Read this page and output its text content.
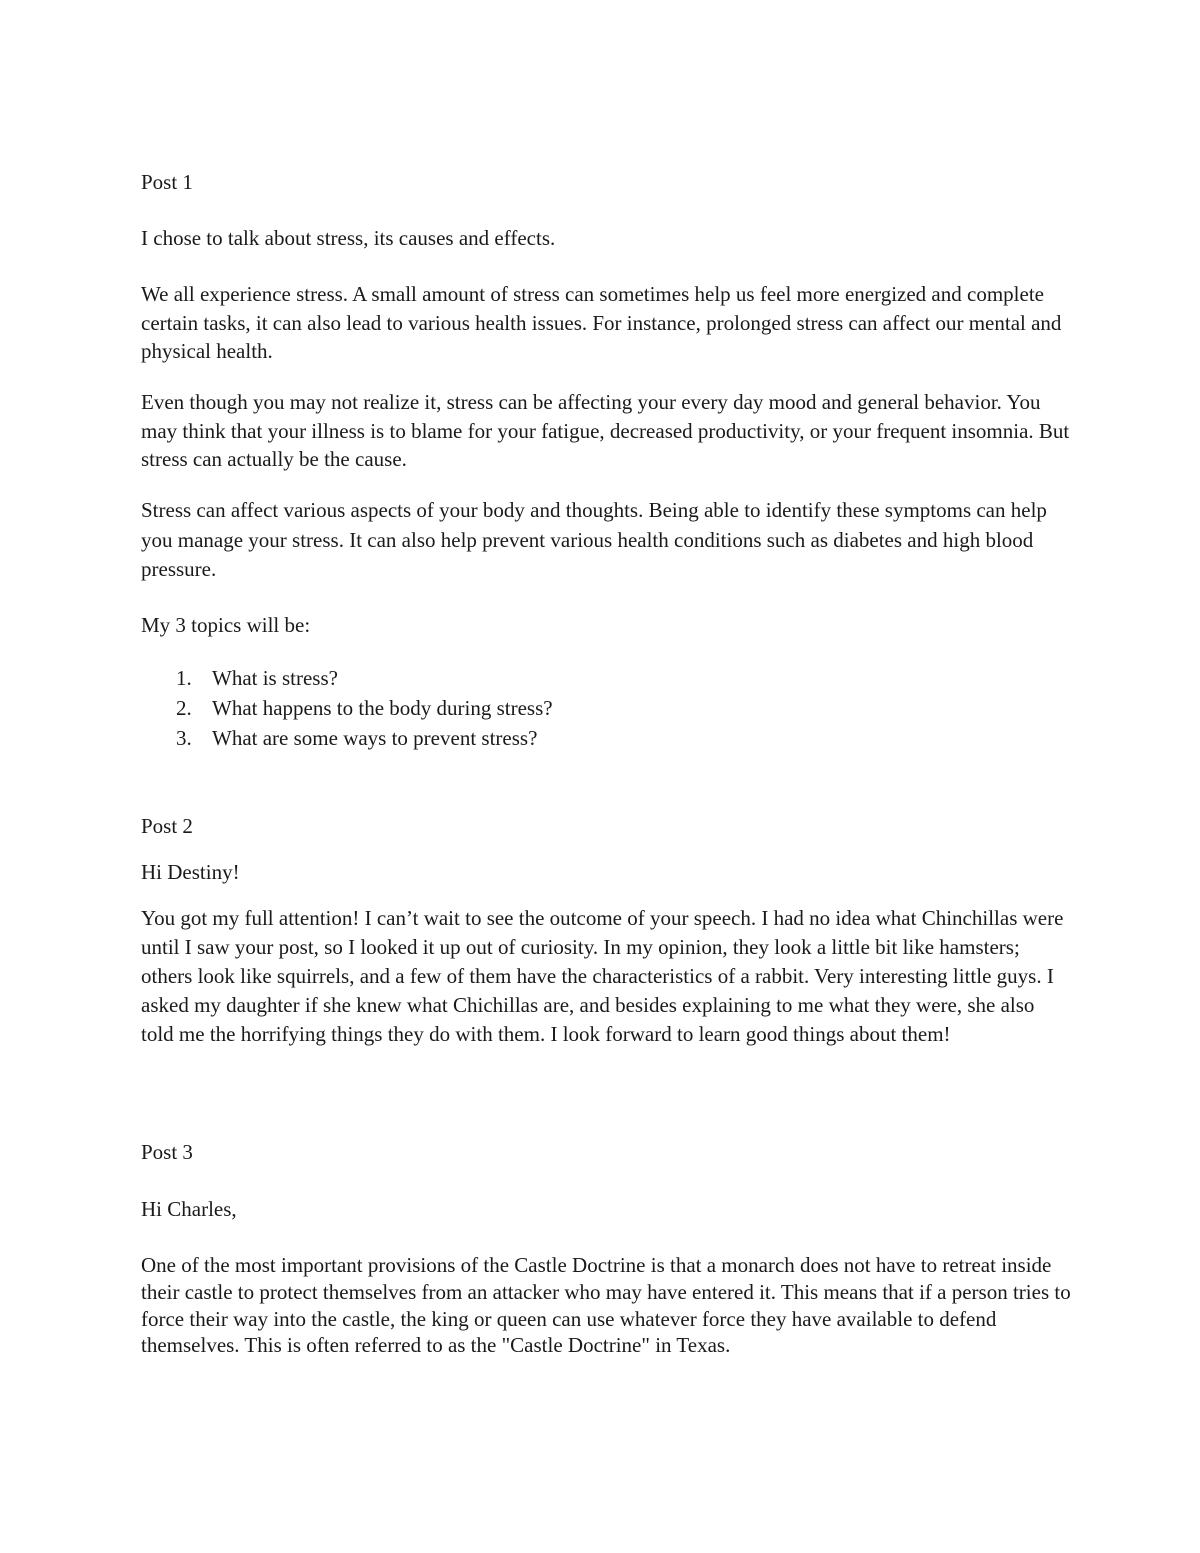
Post 1

I chose to talk about stress, its causes and effects.

We all experience stress. A small amount of stress can sometimes help us feel more energized and complete certain tasks, it can also lead to various health issues. For instance, prolonged stress can affect our mental and physical health.

Even though you may not realize it, stress can be affecting your every day mood and general behavior. You may think that your illness is to blame for your fatigue, decreased productivity, or your frequent insomnia. But stress can actually be the cause.

Stress can affect various aspects of your body and thoughts. Being able to identify these symptoms can help you manage your stress. It can also help prevent various health conditions such as diabetes and high blood pressure.

My 3 topics will be:

1. What is stress?
2. What happens to the body during stress?
3. What are some ways to prevent stress?

Post 2

Hi Destiny!

You got my full attention! I can’t wait to see the outcome of your speech. I had no idea what Chinchillas were until I saw your post, so I looked it up out of curiosity. In my opinion, they look a little bit like hamsters; others look like squirrels, and a few of them have the characteristics of a rabbit. Very interesting little guys. I asked my daughter if she knew what Chichillas are, and besides explaining to me what they were, she also told me the horrifying things they do with them. I look forward to learn good things about them!

Post 3

Hi Charles,

One of the most important provisions of the Castle Doctrine is that a monarch does not have to retreat inside their castle to protect themselves from an attacker who may have entered it. This means that if a person tries to force their way into the castle, the king or queen can use whatever force they have available to defend themselves. This is often referred to as the "Castle Doctrine" in Texas.
